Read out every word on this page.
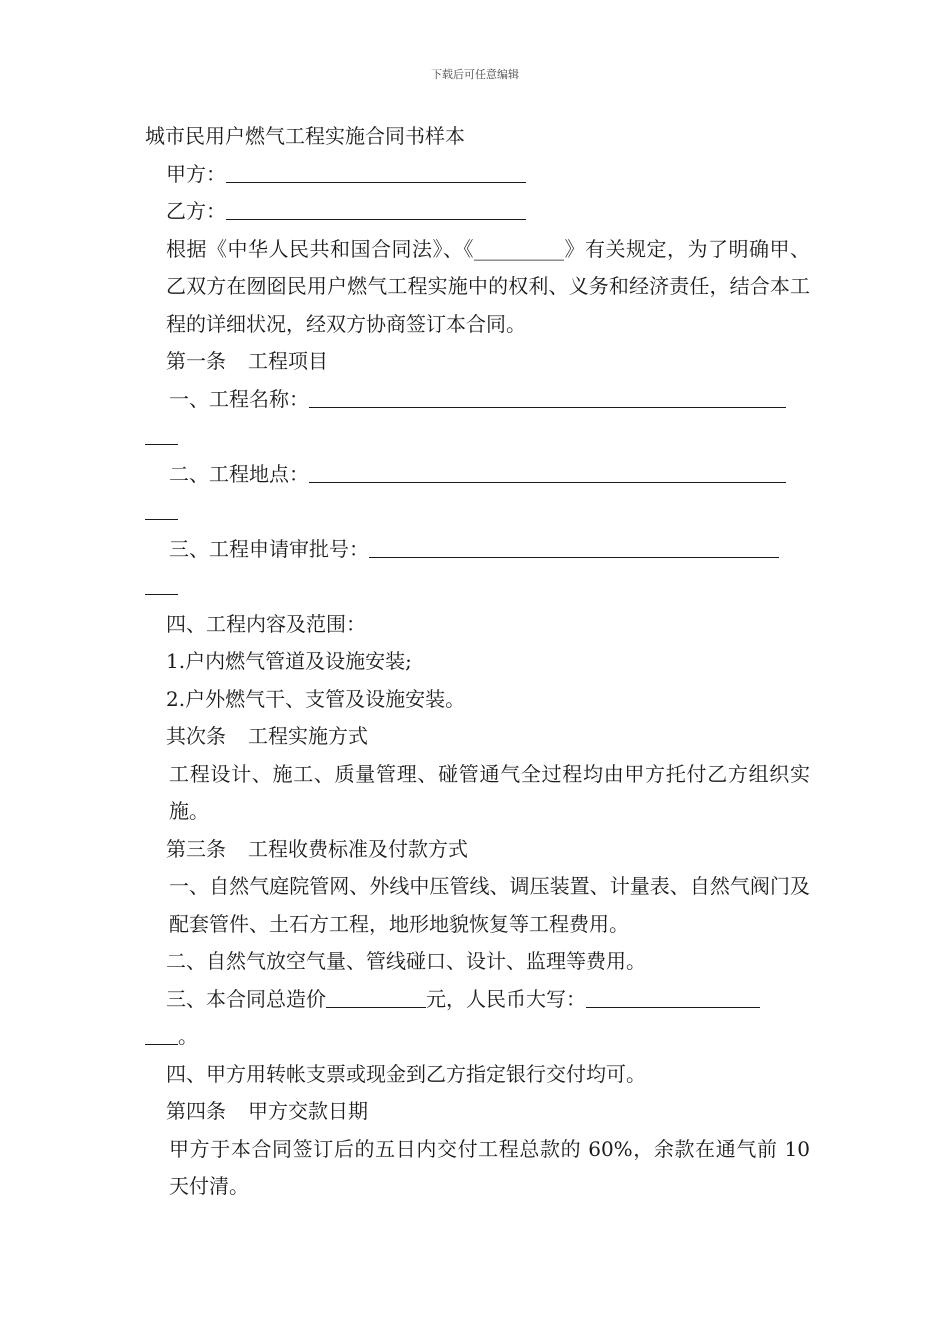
下载后可任意编辑
城市民用户燃气工程实施合同书样本
甲方：
乙方：
根据《中华人民共和国合同法》、《_________》有关规定，为了明确甲、乙双方在囫囵民用户燃气工程实施中的权利、义务和经济责任，结合本工程的详细状况，经双方协商签订本合同。
第一条 工程项目
一、工程名称：
二、工程地点：
三、工程申请审批号：
四、工程内容及范围：
1.户内燃气管道及设施安装;
2.户外燃气干、支管及设施安装。
其次条 工程实施方式
工程设计、施工、质量管理、碰管通气全过程均由甲方托付乙方组织实施。
第三条 工程收费标准及付款方式
一、自然气庭院管网、外线中压管线、调压装置、计量表、自然气阀门及配套管件、土石方工程，地形地貌恢复等工程费用。
二、自然气放空气量、管线碰口、设计、监理等费用。
三、本合同总造价	元，人民币大写：
。
四、甲方用转帐支票或现金到乙方指定银行交付均可。
第四条 甲方交款日期
甲方于本合同签订后的五日内交付工程总款的 60%，余款在通气前 10 天付清。
